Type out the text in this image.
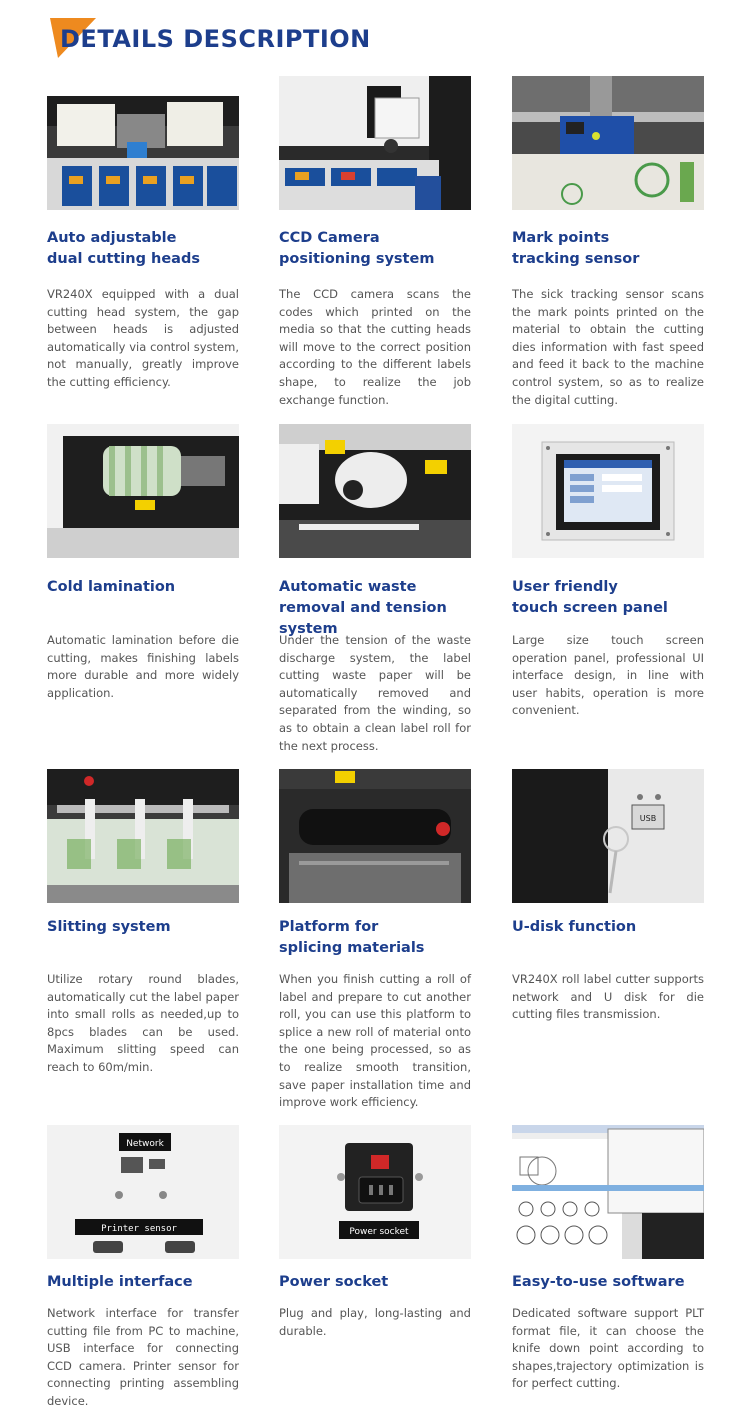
DETAILS DESCRIPTION
Auto adjustable
dual cutting heads

VR240X equipped with a dual cutting head system, the gap between heads is adjusted automatically via control system, not manually, greatly improve the cutting efficiency.

CCD Camera
positioning system

The CCD camera scans the codes which printed on the media so that the cutting heads will move to the correct position according to the different labels shape, to realize the job exchange function.

Mark points
tracking sensor

The sick tracking sensor scans the mark points printed on the material to obtain the cutting dies information with fast speed and feed it back to the machine control system, so as to realize the digital cutting.

Cold lamination

Automatic lamination before die cutting, makes finishing labels more durable and more widely application.

Automatic waste
removal and tension system

Under the tension of the waste discharge system, the label cutting waste paper will be automatically removed and separated from the winding, so as to obtain a clean label roll for the next process.

User friendly
touch screen panel

Large size touch screen operation panel, professional UI interface design, in line with user habits, operation is more convenient.

Slitting system

Utilize rotary round blades, automatically cut the label paper into small rolls as needed,up to 8pcs blades can be used. Maximum slitting speed can reach to 60m/min.

Platform for
splicing materials

When you finish cutting a roll of label and prepare to cut another roll, you can use this platform to splice a new roll of material onto the one being processed, so as to realize smooth transition, save paper installation time and improve work efficiency.

USB
U-disk function

VR240X roll label cutter supports network and U disk for die cutting files transmission.

Network
Printer sensor
Multiple interface

Network interface for transfer cutting file from PC to machine, USB interface for connecting CCD camera. Printer sensor for connecting printing assembling device.

Power socket
Power socket

Plug and play, long-lasting and durable.

Easy-to-use software

Dedicated software support PLT format file, it can choose the knife down point according to shapes,trajectory optimization is for perfect cutting.
